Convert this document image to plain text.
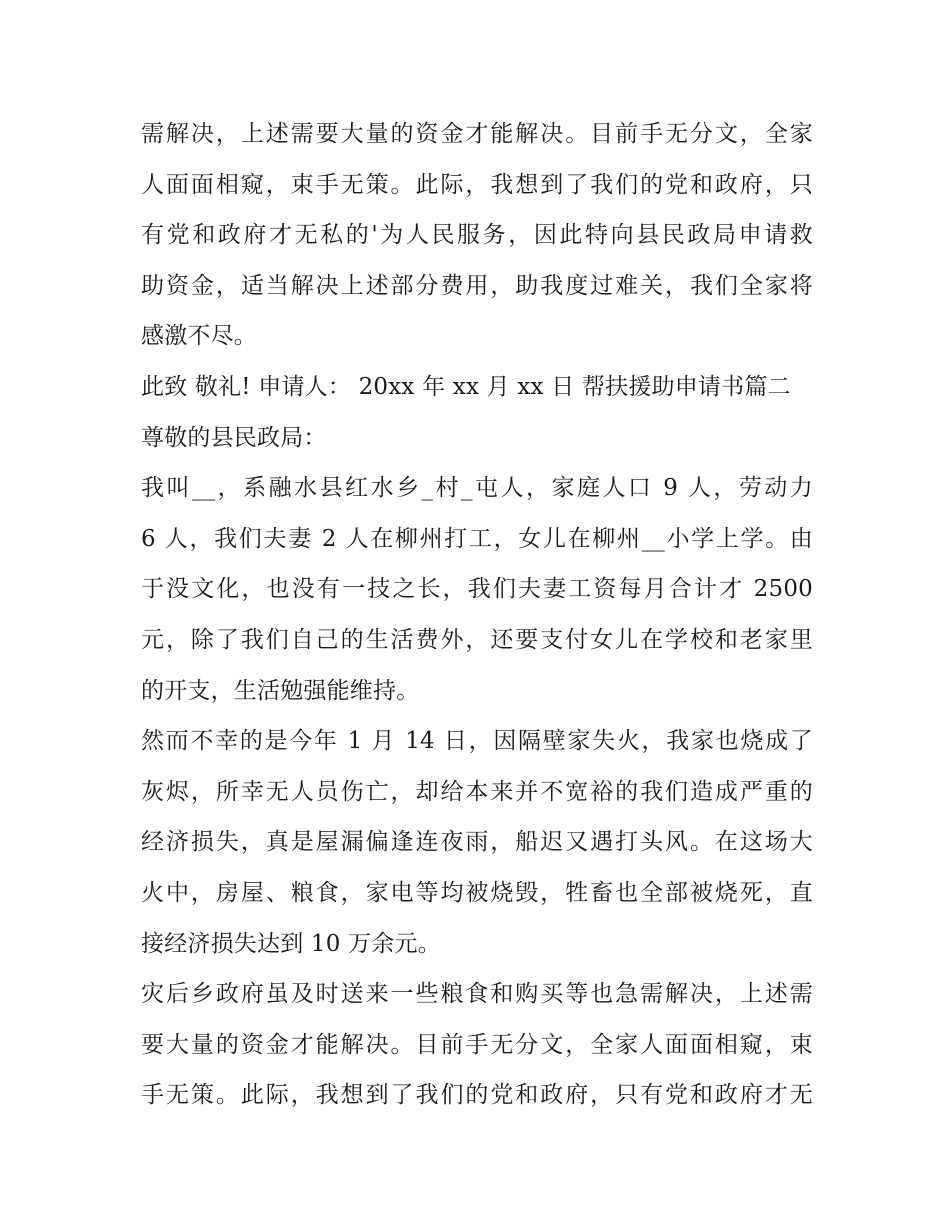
需解决，上述需要大量的资金才能解决。目前手无分文，全家
人面面相窥，束手无策。此际，我想到了我们的党和政府，只
有党和政府才无私的'为人民服务，因此特向县民政局申请救
助资金，适当解决上述部分费用，助我度过难关，我们全家将
感激不尽。
此致 敬礼! 申请人： 20xx 年 xx 月 xx 日 帮扶援助申请书篇二
尊敬的县民政局：
我叫__，系融水县红水乡_村_屯人，家庭人口 9 人，劳动力
6 人，我们夫妻 2 人在柳州打工，女儿在柳州__小学上学。由
于没文化，也没有一技之长，我们夫妻工资每月合计才 2500
元，除了我们自己的生活费外，还要支付女儿在学校和老家里
的开支，生活勉强能维持。
然而不幸的是今年 1 月 14 日，因隔壁家失火，我家也烧成了
灰烬，所幸无人员伤亡，却给本来并不宽裕的我们造成严重的
经济损失，真是屋漏偏逢连夜雨，船迟又遇打头风。在这场大
火中，房屋、粮食，家电等均被烧毁，牲畜也全部被烧死，直
接经济损失达到 10 万余元。
灾后乡政府虽及时送来一些粮食和购买等也急需解决，上述需
要大量的资金才能解决。目前手无分文，全家人面面相窥，束
手无策。此际，我想到了我们的党和政府，只有党和政府才无
